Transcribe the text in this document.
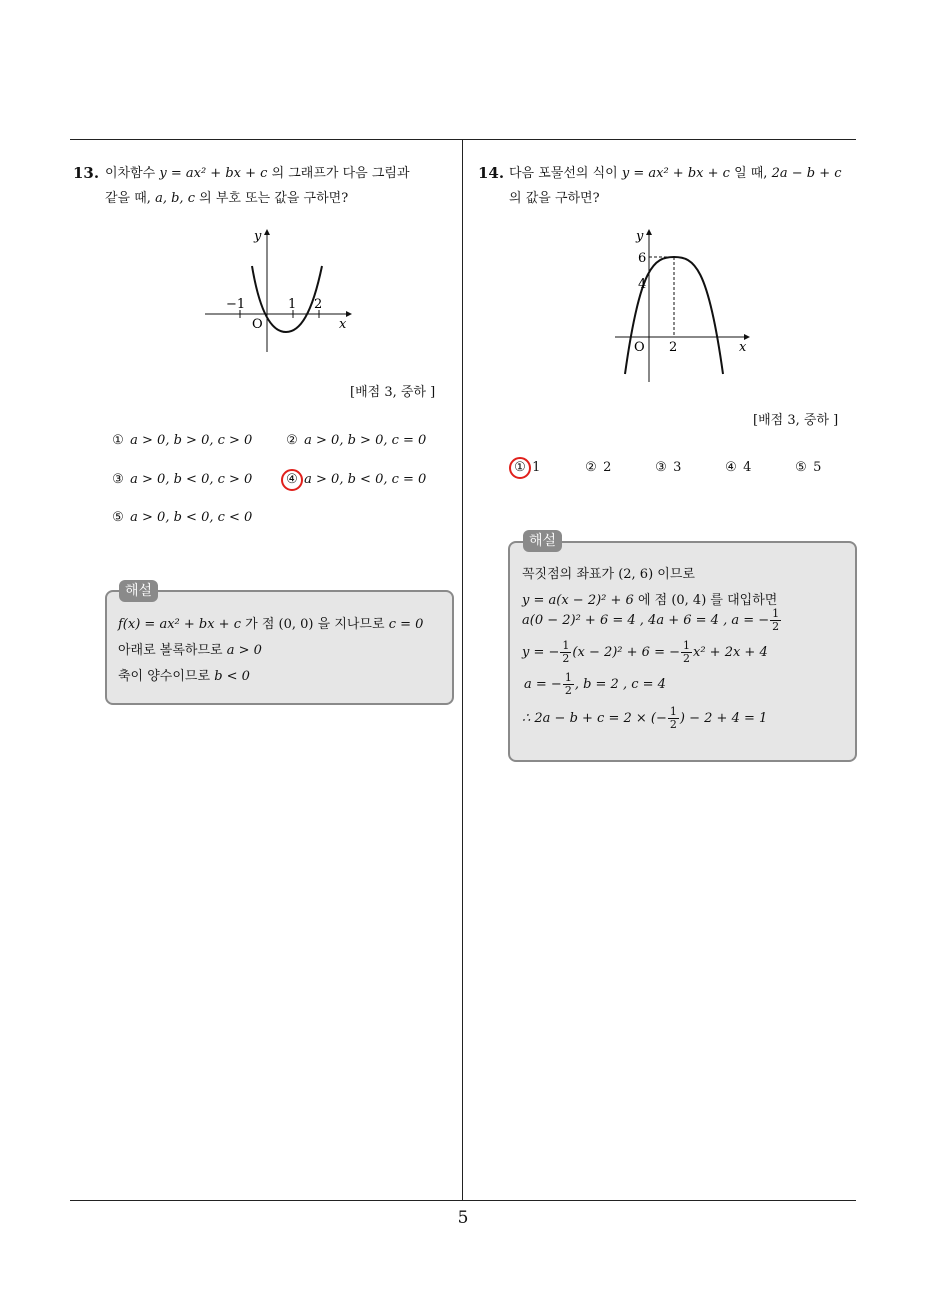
13. 이차함수 y = ax² + bx + c 의 그래프가 다음 그림과
같을 때, a, b, c 의 부호 또는 값을 구하면?
y
x
O
−1	1 2
[배점 3, 중하 ]
① a > 0, b > 0, c > 0	② a > 0, b > 0, c = 0
③ a > 0, b < 0, c > 0	④ a > 0, b < 0, c = 0
⑤ a > 0, b < 0, c < 0
해설
f(x) = ax² + bx + c 가 점 (0, 0) 을 지나므로 c = 0
아래로 볼록하므로 a > 0
축이 양수이므로 b < 0
14. 다음 포물선의 식이 y = ax² + bx + c 일 때, 2a − b + c
의 값을 구하면?
y
x
O
6
4
2
[배점 3, 중하 ]
① 1	② 2	③ 3	④ 4	⑤ 5
해설
꼭짓점의 좌표가 (2, 6) 이므로
y = a(x − 2)² + 6 에 점 (0, 4) 를 대입하면
a(0 − 2)² + 6 = 4 , 4a + 6 = 4 , a = − $\frac{1}{2}$
y = − $\frac{1}{2} (x - 2)^2 + 6$ = − $\frac{1}{2} x^2 + 2x + 4$
a = − $\frac{1}{2}$ , b = 2 , c = 4
∴ 2a − b + c = 2 × (− $\frac{1}{2}$ ) − 2 + 4 = 1
5
